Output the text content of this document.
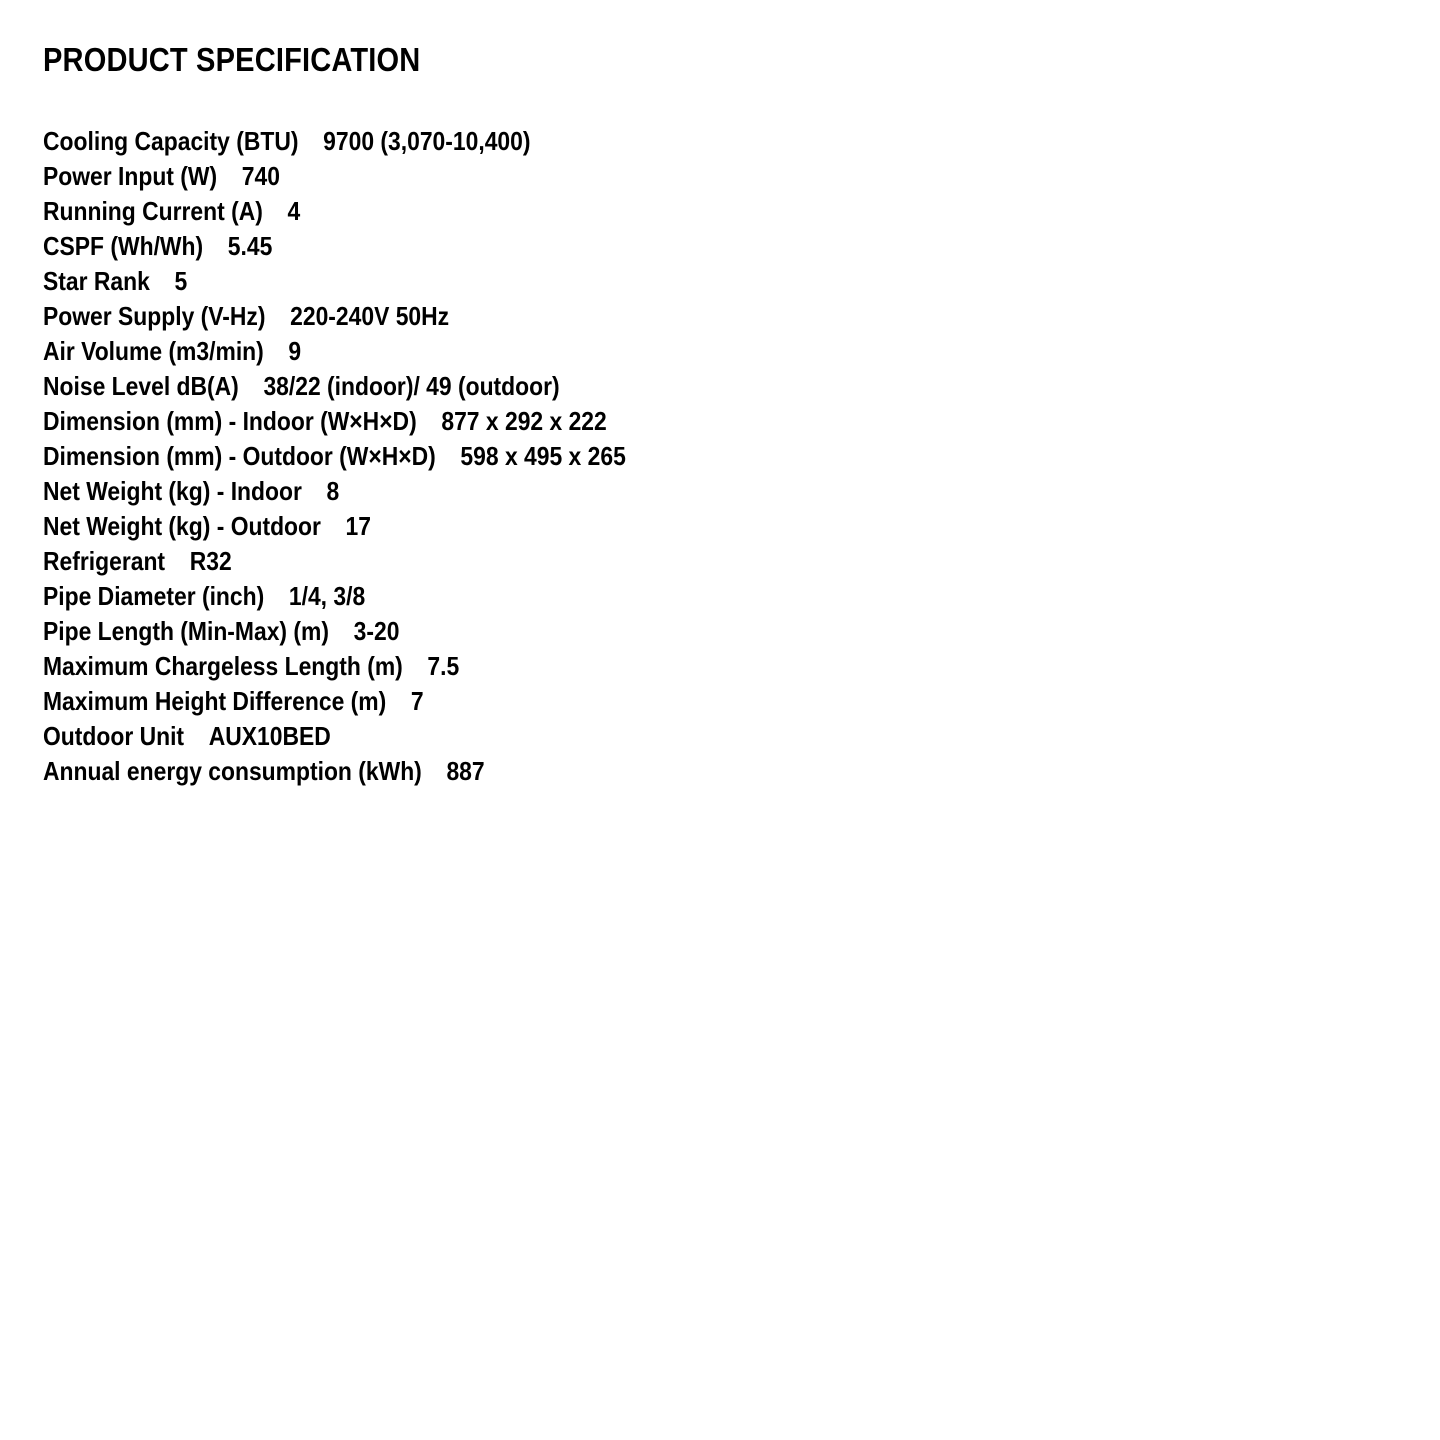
PRODUCT SPECIFICATION
Cooling Capacity (BTU) 9700 (3,070-10,400)
Power Input (W) 740
Running Current (A) 4
CSPF (Wh/Wh) 5.45
Star Rank 5
Power Supply (V-Hz) 220-240V 50Hz
Air Volume (m3/min) 9
Noise Level dB(A) 38/22 (indoor)/ 49 (outdoor)
Dimension (mm) - Indoor (W×H×D) 877 x 292 x 222
Dimension (mm) - Outdoor (W×H×D) 598 x 495 x 265
Net Weight (kg) - Indoor 8
Net Weight (kg) - Outdoor 17
Refrigerant R32
Pipe Diameter (inch) 1/4, 3/8
Pipe Length (Min-Max) (m) 3-20
Maximum Chargeless Length (m) 7.5
Maximum Height Difference (m) 7
Outdoor Unit AUX10BED
Annual energy consumption (kWh) 887
